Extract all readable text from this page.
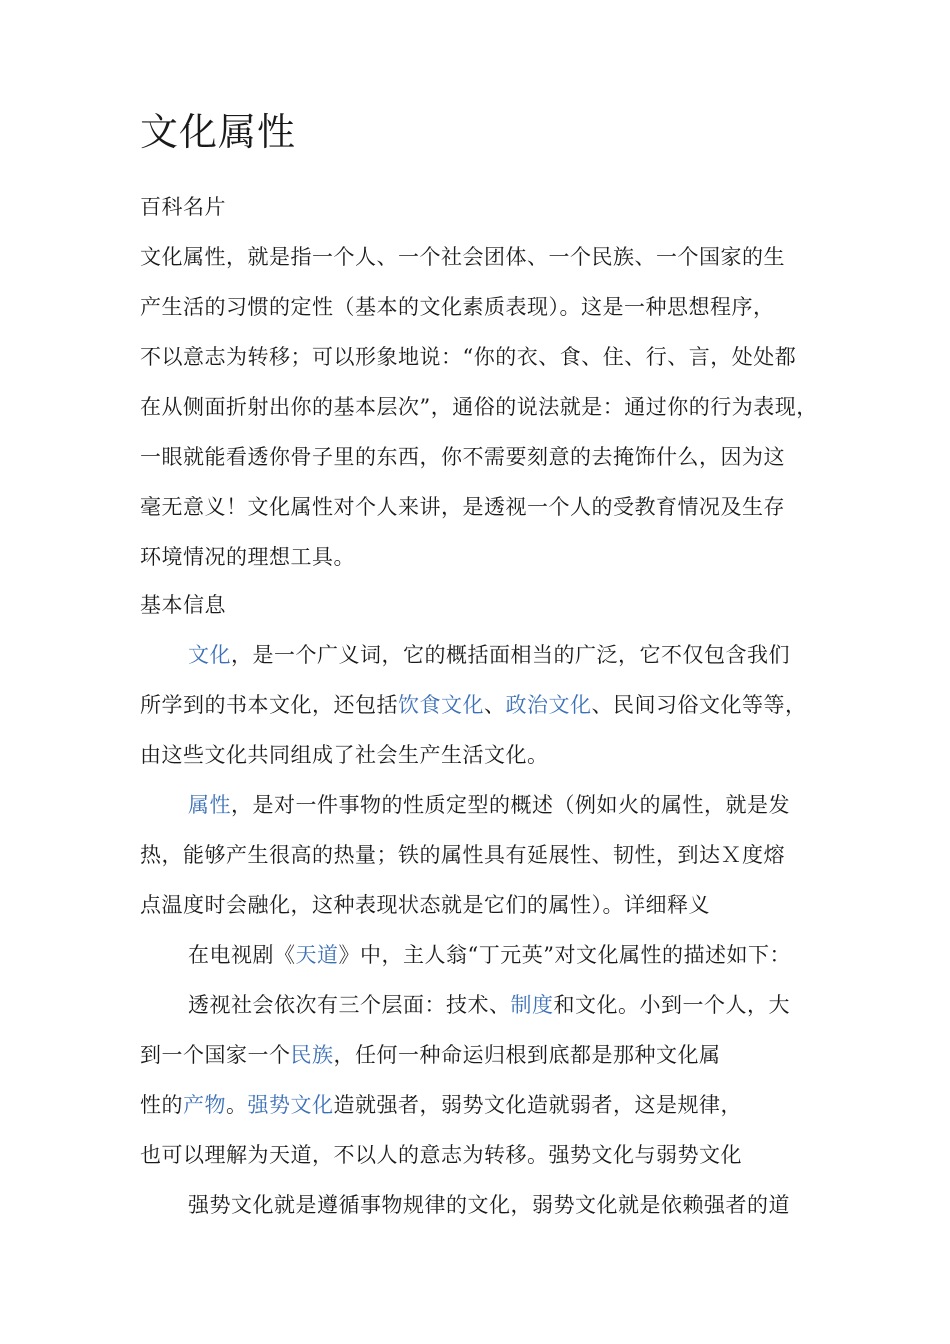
文化属性
百科名片
文化属性，就是指一个人、一个社会团体、一个民族、一个国家的生
产生活的习惯的定性（基本的文化素质表现）。这是一种思想程序，
不以意志为转移；可以形象地说：“你的衣、食、住、行、言，处处都
在从侧面折射出你的基本层次”，通俗的说法就是：通过你的行为表现，
一眼就能看透你骨子里的东西，你不需要刻意的去掩饰什么，因为这
毫无意义！文化属性对个人来讲，是透视一个人的受教育情况及生存
环境情况的理想工具。
基本信息
文化，是一个广义词，它的概括面相当的广泛，它不仅包含我们
所学到的书本文化，还包括饮食文化、政治文化、民间习俗文化等等，
由这些文化共同组成了社会生产生活文化。
属性，是对一件事物的性质定型的概述（例如火的属性，就是发
热，能够产生很高的热量；铁的属性具有延展性、韧性，到达Ｘ度熔
点温度时会融化，这种表现状态就是它们的属性）。详细释义
在电视剧《天道》中，主人翁“丁元英”对文化属性的描述如下：
透视社会依次有三个层面：技术、制度和文化。小到一个人，大
到一个国家一个民族，任何一种命运归根到底都是那种文化属
性的产物。强势文化造就强者，弱势文化造就弱者，这是规律，
也可以理解为天道，不以人的意志为转移。强势文化与弱势文化
强势文化就是遵循事物规律的文化，弱势文化就是依赖强者的道
